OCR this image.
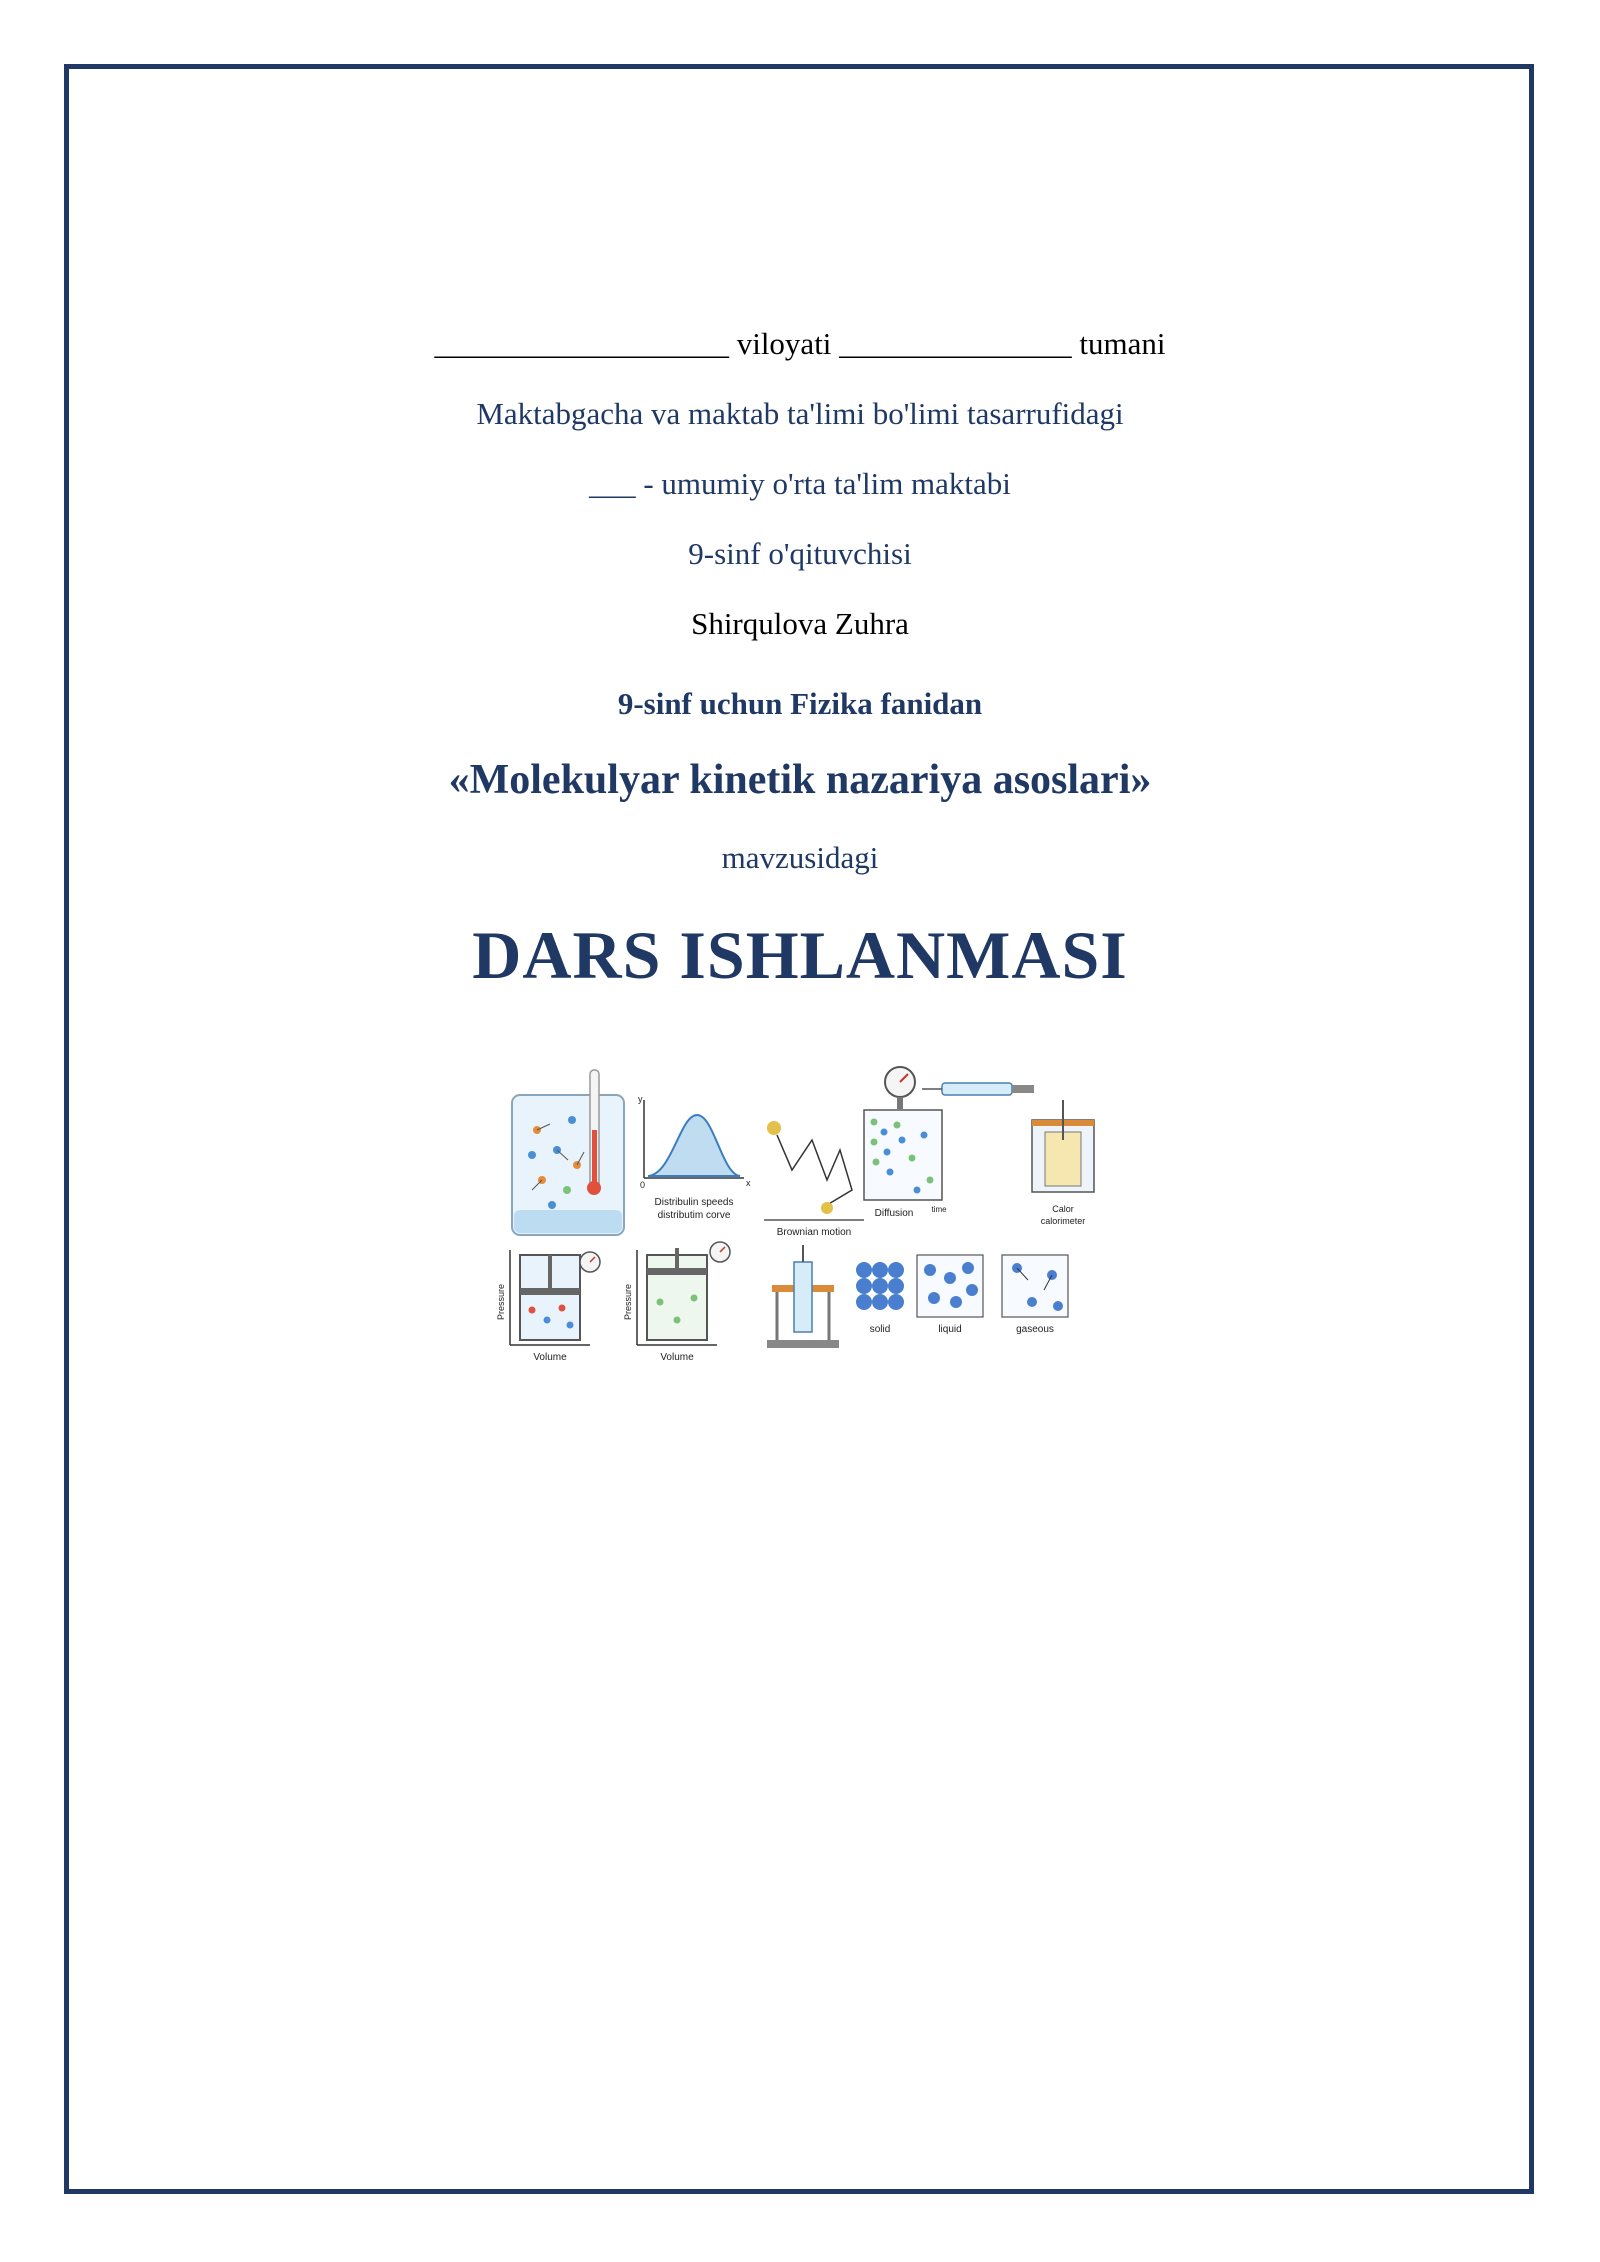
___________________ viloyati _______________ tumani
Maktabgacha va maktab ta'limi bo'limi tasarrufidagi
___ - umumiy o'rta ta'lim maktabi
9-sinf o'qituvchisi
Shirqulova Zuhra
9-sinf uchun Fizika fanidan
«Molekulyar kinetik nazariya asoslari»
mavzusidagi
DARS ISHLANMASI
y
x
0
Distribulin speeds
distributim corve
Brownian motion
Diffusion time	Calor
calorimeter
Volume
Pressure
Volume
Pressure
solid	liquid	gaseous
